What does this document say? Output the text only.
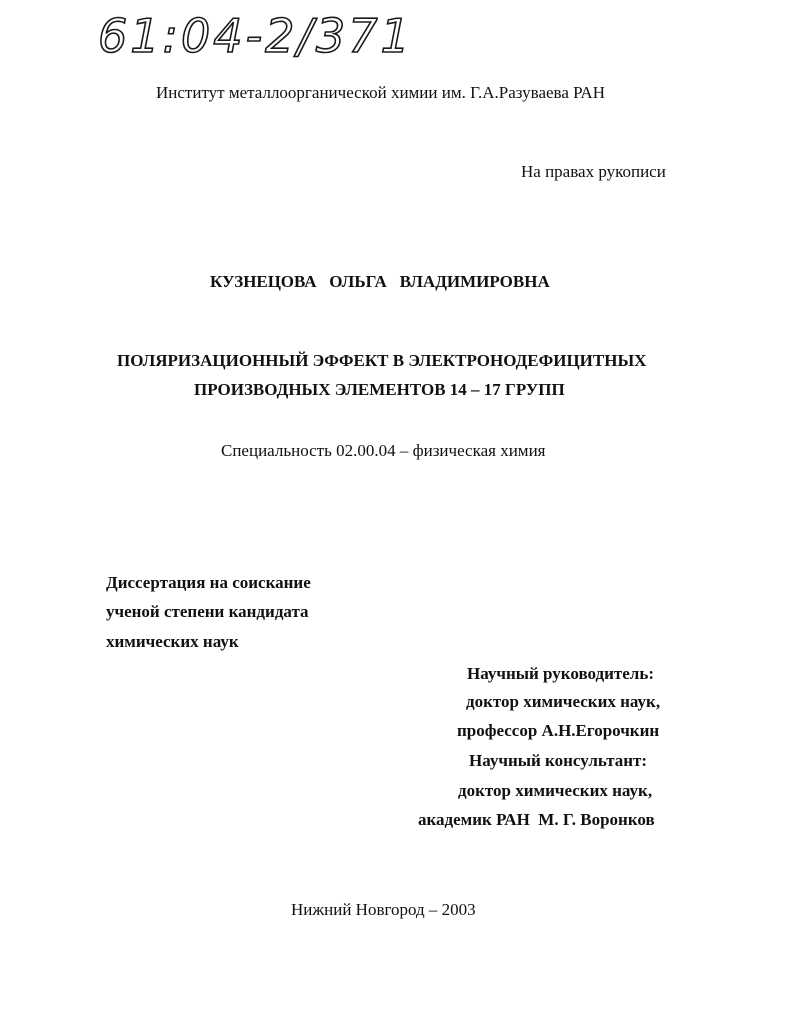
61:04-2/371
Институт металлоорганической химии им. Г.А.Разуваева РАН
На правах рукописи
КУЗНЕЦОВА   ОЛЬГА   ВЛАДИМИРОВНА
ПОЛЯРИЗАЦИОННЫЙ ЭФФЕКТ В ЭЛЕКТРОНОДЕФИЦИТНЫХ
ПРОИЗВОДНЫХ ЭЛЕМЕНТОВ 14 – 17 ГРУПП
Специальность 02.00.04 – физическая химия
Диссертация на соискание
ученой степени кандидата
химических наук
Научный руководитель:
доктор химических наук,
профессор А.Н.Егорочкин
Научный консультант:
доктор химических наук,
академик РАН  М. Г. Воронков
Нижний Новгород – 2003
